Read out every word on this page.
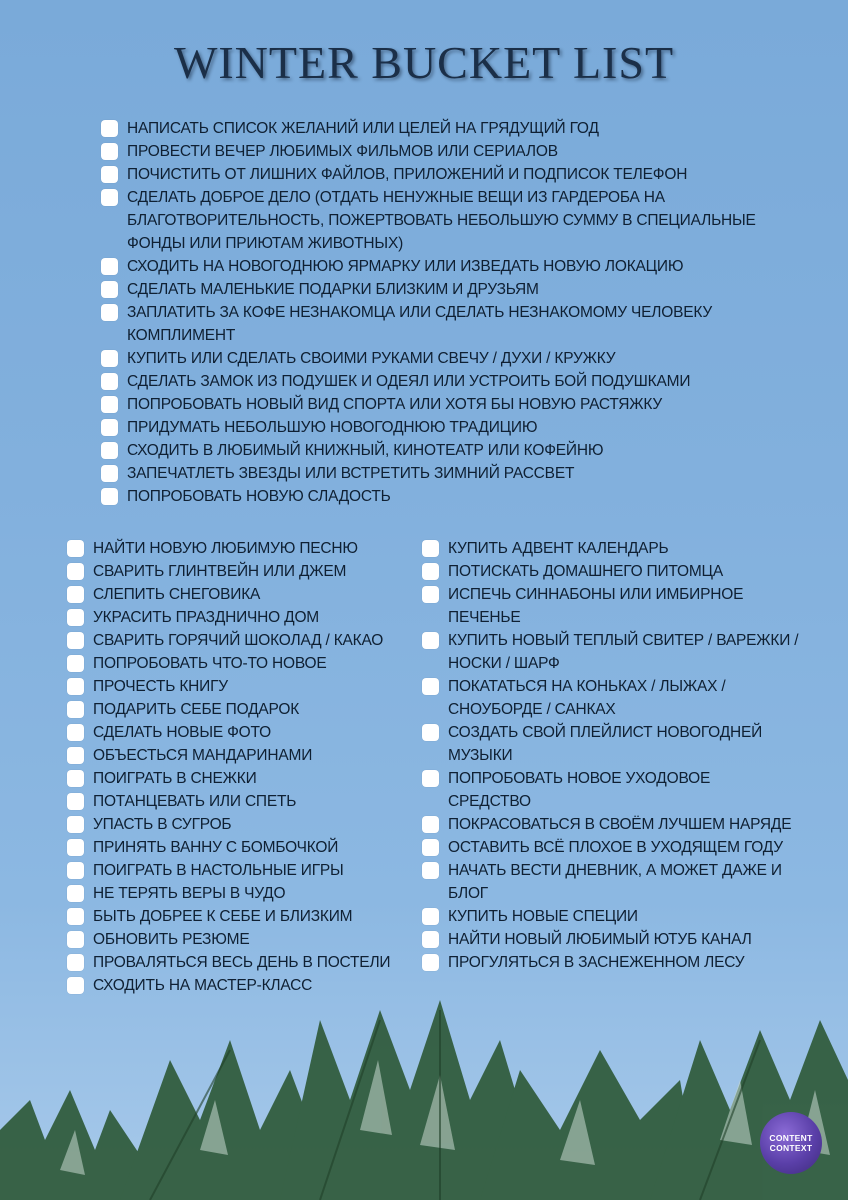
WINTER BUCKET LIST
НАПИСАТЬ СПИСОК ЖЕЛАНИЙ ИЛИ ЦЕЛЕЙ НА ГРЯДУЩИЙ ГОД
ПРОВЕСТИ ВЕЧЕР ЛЮБИМЫХ ФИЛЬМОВ ИЛИ СЕРИАЛОВ
ПОЧИСТИТЬ ОТ ЛИШНИХ ФАЙЛОВ, ПРИЛОЖЕНИЙ И ПОДПИСОК ТЕЛЕФОН
СДЕЛАТЬ ДОБРОЕ ДЕЛО (ОТДАТЬ НЕНУЖНЫЕ ВЕЩИ ИЗ ГАРДЕРОБА НА
БЛАГОТВОРИТЕЛЬНОСТЬ, ПОЖЕРТВОВАТЬ НЕБОЛЬШУЮ СУММУ В СПЕЦИАЛЬНЫЕ
ФОНДЫ ИЛИ ПРИЮТАМ ЖИВОТНЫХ)
СХОДИТЬ НА НОВОГОДНЮЮ ЯРМАРКУ ИЛИ ИЗВЕДАТЬ НОВУЮ ЛОКАЦИЮ
СДЕЛАТЬ МАЛЕНЬКИЕ ПОДАРКИ БЛИЗКИМ И ДРУЗЬЯМ
ЗАПЛАТИТЬ ЗА КОФЕ НЕЗНАКОМЦА ИЛИ СДЕЛАТЬ НЕЗНАКОМОМУ ЧЕЛОВЕКУ
КОМПЛИМЕНТ
КУПИТЬ ИЛИ СДЕЛАТЬ СВОИМИ РУКАМИ СВЕЧУ / ДУХИ / КРУЖКУ
СДЕЛАТЬ ЗАМОК ИЗ ПОДУШЕК И ОДЕЯЛ ИЛИ УСТРОИТЬ БОЙ ПОДУШКАМИ
ПОПРОБОВАТЬ НОВЫЙ ВИД СПОРТА ИЛИ ХОТЯ БЫ НОВУЮ РАСТЯЖКУ
ПРИДУМАТЬ НЕБОЛЬШУЮ НОВОГОДНЮЮ ТРАДИЦИЮ
СХОДИТЬ В ЛЮБИМЫЙ КНИЖНЫЙ, КИНОТЕАТР ИЛИ КОФЕЙНЮ
ЗАПЕЧАТЛЕТЬ ЗВЕЗДЫ ИЛИ ВСТРЕТИТЬ ЗИМНИЙ РАССВЕТ
ПОПРОБОВАТЬ НОВУЮ СЛАДОСТЬ
НАЙТИ НОВУЮ ЛЮБИМУЮ ПЕСНЮ
СВАРИТЬ ГЛИНТВЕЙН ИЛИ ДЖЕМ
СЛЕПИТЬ СНЕГОВИКА
УКРАСИТЬ ПРАЗДНИЧНО ДОМ
СВАРИТЬ ГОРЯЧИЙ ШОКОЛАД / КАКАО
ПОПРОБОВАТЬ ЧТО-ТО НОВОЕ
ПРОЧЕСТЬ КНИГУ
ПОДАРИТЬ СЕБЕ ПОДАРОК
СДЕЛАТЬ НОВЫЕ ФОТО
ОБЪЕСТЬСЯ МАНДАРИНАМИ
ПОИГРАТЬ В СНЕЖКИ
ПОТАНЦЕВАТЬ ИЛИ СПЕТЬ
УПАСТЬ В СУГРОБ
ПРИНЯТЬ ВАННУ С БОМБОЧКОЙ
ПОИГРАТЬ В НАСТОЛЬНЫЕ ИГРЫ
НЕ ТЕРЯТЬ ВЕРЫ В ЧУДО
БЫТЬ ДОБРЕЕ К СЕБЕ И БЛИЗКИМ
ОБНОВИТЬ РЕЗЮМЕ
ПРОВАЛЯТЬСЯ ВЕСЬ ДЕНЬ В ПОСТЕЛИ
СХОДИТЬ НА МАСТЕР-КЛАСС
КУПИТЬ АДВЕНТ КАЛЕНДАРЬ
ПОТИСКАТЬ ДОМАШНЕГО ПИТОМЦА
ИСПЕЧЬ СИННАБОНЫ ИЛИ ИМБИРНОЕ
ПЕЧЕНЬЕ
КУПИТЬ НОВЫЙ ТЕПЛЫЙ СВИТЕР / ВАРЕЖКИ /
НОСКИ / ШАРФ
ПОКАТАТЬСЯ НА КОНЬКАХ / ЛЫЖАХ /
СНОУБОРДЕ / САНКАХ
СОЗДАТЬ СВОЙ ПЛЕЙЛИСТ НОВОГОДНЕЙ
МУЗЫКИ
ПОПРОБОВАТЬ НОВОЕ УХОДОВОЕ
СРЕДСТВО
ПОКРАСОВАТЬСЯ В СВОЁМ ЛУЧШЕМ НАРЯДЕ
ОСТАВИТЬ ВСЁ ПЛОХОЕ В УХОДЯЩЕМ ГОДУ
НАЧАТЬ ВЕСТИ ДНЕВНИК, А МОЖЕТ ДАЖЕ И
БЛОГ
КУПИТЬ НОВЫЕ СПЕЦИИ
НАЙТИ НОВЫЙ ЛЮБИМЫЙ ЮТУБ КАНАЛ
ПРОГУЛЯТЬСЯ В ЗАСНЕЖЕННОМ ЛЕСУ
CONTENT
CONTEXT
